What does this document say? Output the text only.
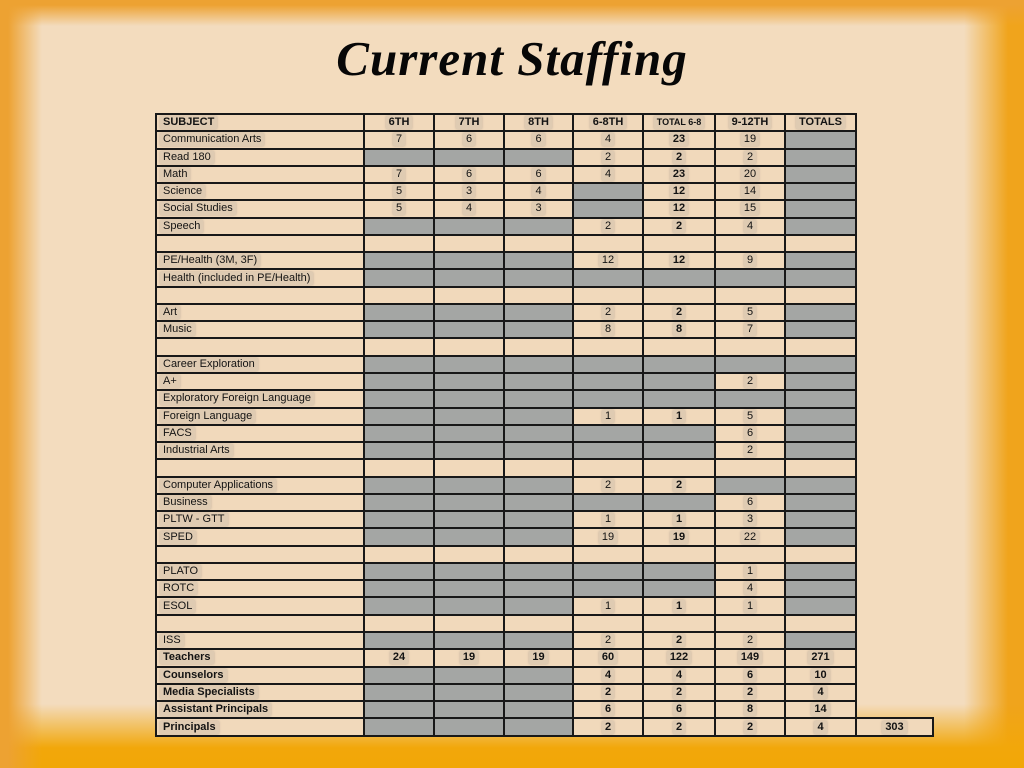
Current Staffing
SUBJECT	6TH	7TH	8TH	6-8TH	TOTAL 6-8	9-12TH	TOTALS	
Communication Arts	7	6	6	4	23	19		
Read 180				2	2	2		
Math	7	6	6	4	23	20		
Science	5	3	4		12	14		
Social Studies	5	4	3		12	15		
Speech				2	2	4		

PE/Health (3M, 3F)				12	12	9		
Health (included in PE/Health)								

Art				2	2	5		
Music				8	8	7		

Career Exploration								
A+						2		
Exploratory Foreign Language								
Foreign Language				1	1	5		
FACS						6		
Industrial Arts						2		

Computer Applications				2	2			
Business						6		
PLTW - GTT				1	1	3		
SPED				19	19	22		

PLATO						1		
ROTC						4		
ESOL				1	1	1		

ISS				2	2	2		
Teachers	24	19	19	60	122	149	271	
Counselors				4	4	6	10	
Media Specialists				2	2	2	4	
Assistant Principals				6	6	8	14	
Principals				2	2	2	4	303
